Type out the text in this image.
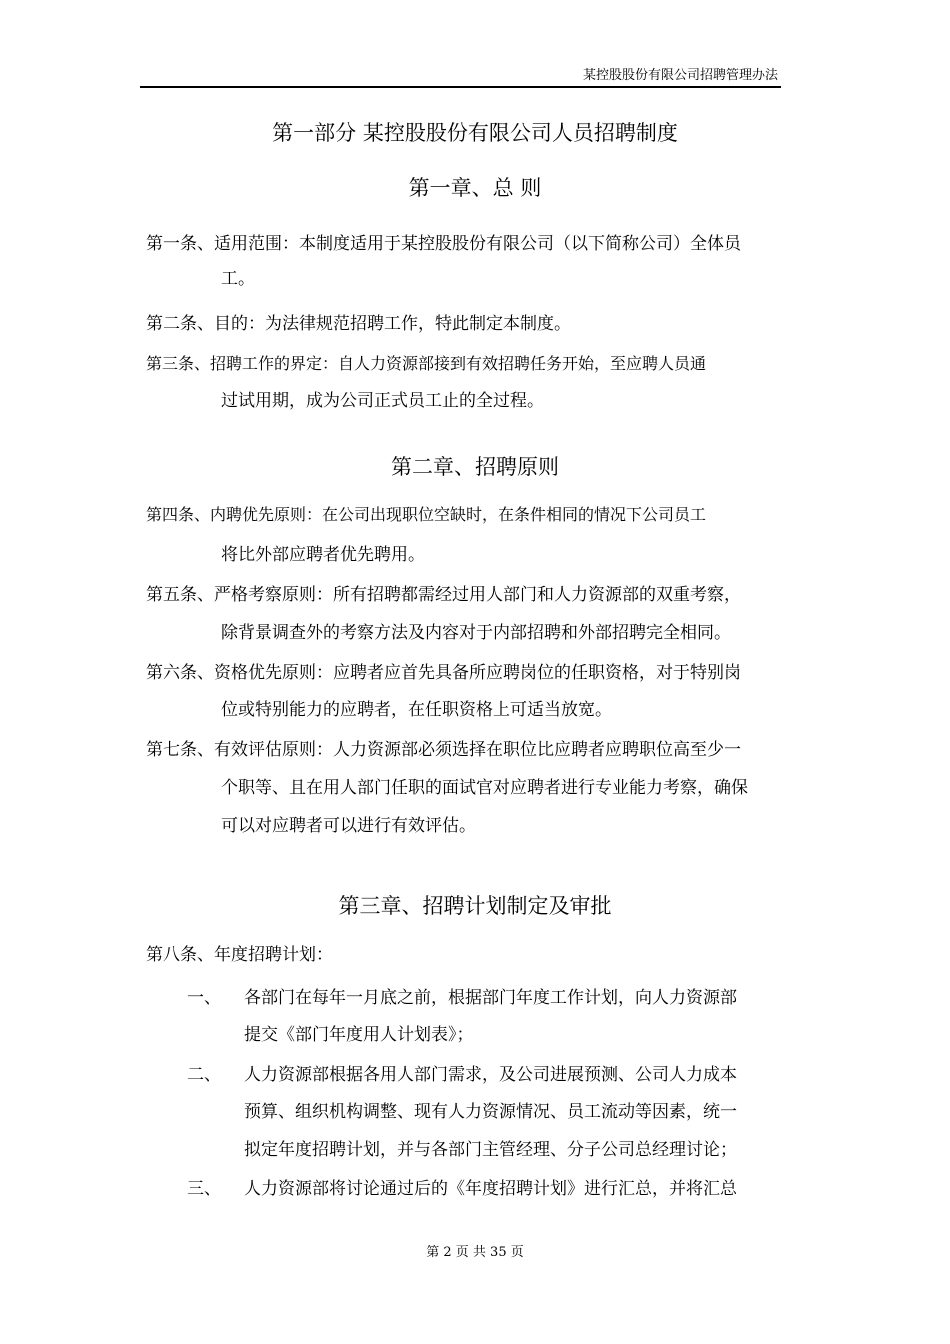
某控股股份有限公司招聘管理办法
第一部分 某控股股份有限公司人员招聘制度
第一章、总 则
第一条、适用范围：本制度适用于某控股股份有限公司（以下简称公司）全体员
工。
第二条、目的：为法律规范招聘工作，特此制定本制度。
第三条、招聘工作的界定：自人力资源部接到有效招聘任务开始，至应聘人员通
过试用期，成为公司正式员工止的全过程。
第二章、招聘原则
第四条、内聘优先原则：在公司出现职位空缺时，在条件相同的情况下公司员工
将比外部应聘者优先聘用。
第五条、严格考察原则：所有招聘都需经过用人部门和人力资源部的双重考察，
除背景调查外的考察方法及内容对于内部招聘和外部招聘完全相同。
第六条、资格优先原则：应聘者应首先具备所应聘岗位的任职资格，对于特别岗
位或特别能力的应聘者，在任职资格上可适当放宽。
第七条、有效评估原则：人力资源部必须选择在职位比应聘者应聘职位高至少一
个职等、且在用人部门任职的面试官对应聘者进行专业能力考察，确保
可以对应聘者可以进行有效评估。
第三章、招聘计划制定及审批
第八条、年度招聘计划：
一、 各部门在每年一月底之前，根据部门年度工作计划，向人力资源部
提交《部门年度用人计划表》；
二、 人力资源部根据各用人部门需求，及公司进展预测、公司人力成本
预算、组织机构调整、现有人力资源情况、员工流动等因素，统一
拟定年度招聘计划，并与各部门主管经理、分子公司总经理讨论；
三、 人力资源部将讨论通过后的《年度招聘计划》进行汇总，并将汇总
第 2 页 共 35 页
